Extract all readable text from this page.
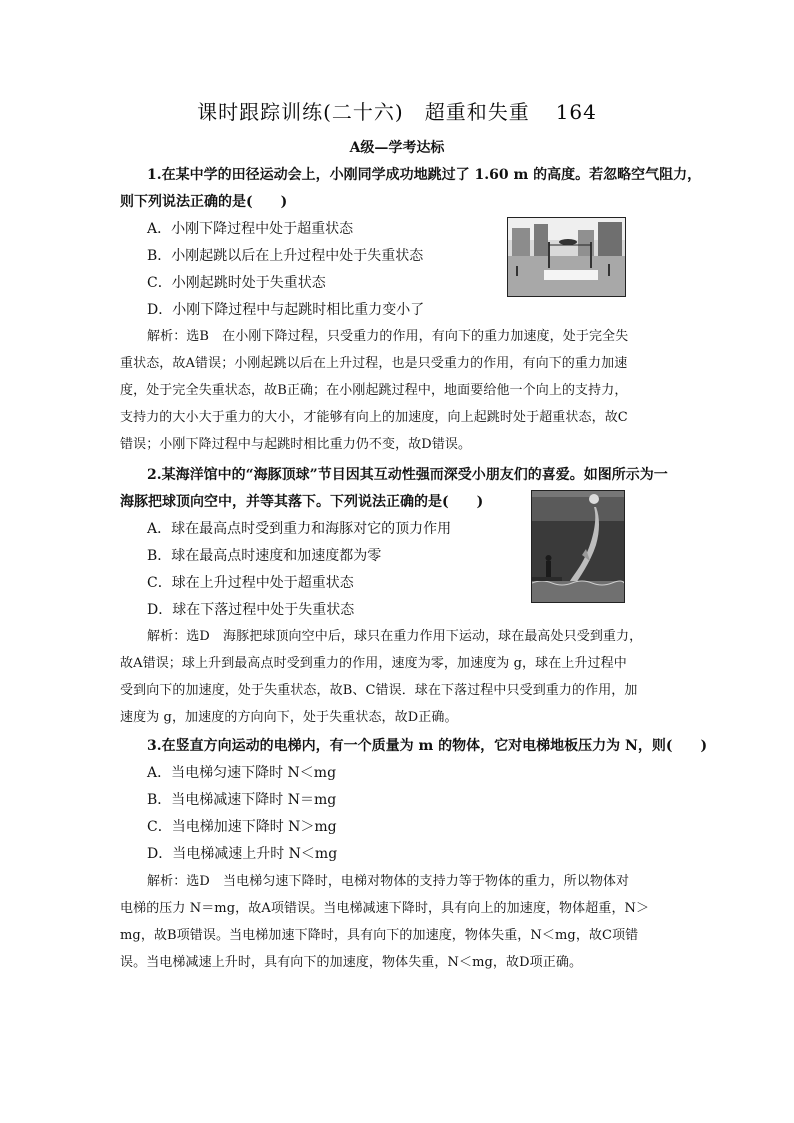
课时跟踪训练(二十六)　超重和失重 164
A级—学考达标
1.在某中学的田径运动会上，小刚同学成功地跳过了 1.60 m 的高度。若忽略空气阻力，
则下列说法正确的是(　　)
A．小刚下降过程中处于超重状态
B．小刚起跳以后在上升过程中处于失重状态
C．小刚起跳时处于失重状态
D．小刚下降过程中与起跳时相比重力变小了
解析：选B　在小刚下降过程，只受重力的作用，有向下的重力加速度，处于完全失
重状态，故A错误；小刚起跳以后在上升过程，也是只受重力的作用，有向下的重力加速
度，处于完全失重状态，故B正确；在小刚起跳过程中，地面要给他一个向上的支持力，
支持力的大小大于重力的大小，才能够有向上的加速度，向上起跳时处于超重状态，故C
错误；小刚下降过程中与起跳时相比重力仍不变，故D错误。
2.某海洋馆中的“海豚顶球”节目因其互动性强而深受小朋友们的喜爱。如图所示为一
海豚把球顶向空中，并等其落下。下列说法正确的是(　　)
A．球在最高点时受到重力和海豚对它的顶力作用
B．球在最高点时速度和加速度都为零
C．球在上升过程中处于超重状态
D．球在下落过程中处于失重状态
解析：选D　海豚把球顶向空中后，球只在重力作用下运动，球在最高处只受到重力，
故A错误；球上升到最高点时受到重力的作用，速度为零，加速度为 g，球在上升过程中
受到向下的加速度，处于失重状态，故B、C错误．球在下落过程中只受到重力的作用，加
速度为 g，加速度的方向向下，处于失重状态，故D正确。
3.在竖直方向运动的电梯内，有一个质量为 m 的物体，它对电梯地板压力为 N，则(　　)
A．当电梯匀速下降时 N＜mg
B．当电梯减速下降时 N＝mg
C．当电梯加速下降时 N＞mg
D．当电梯减速上升时 N＜mg
解析：选D　当电梯匀速下降时，电梯对物体的支持力等于物体的重力，所以物体对
电梯的压力 N＝mg，故A项错误。当电梯减速下降时，具有向上的加速度，物体超重，N＞
mg，故B项错误。当电梯加速下降时，具有向下的加速度，物体失重，N＜mg，故C项错
误。当电梯减速上升时，具有向下的加速度，物体失重，N＜mg，故D项正确。
